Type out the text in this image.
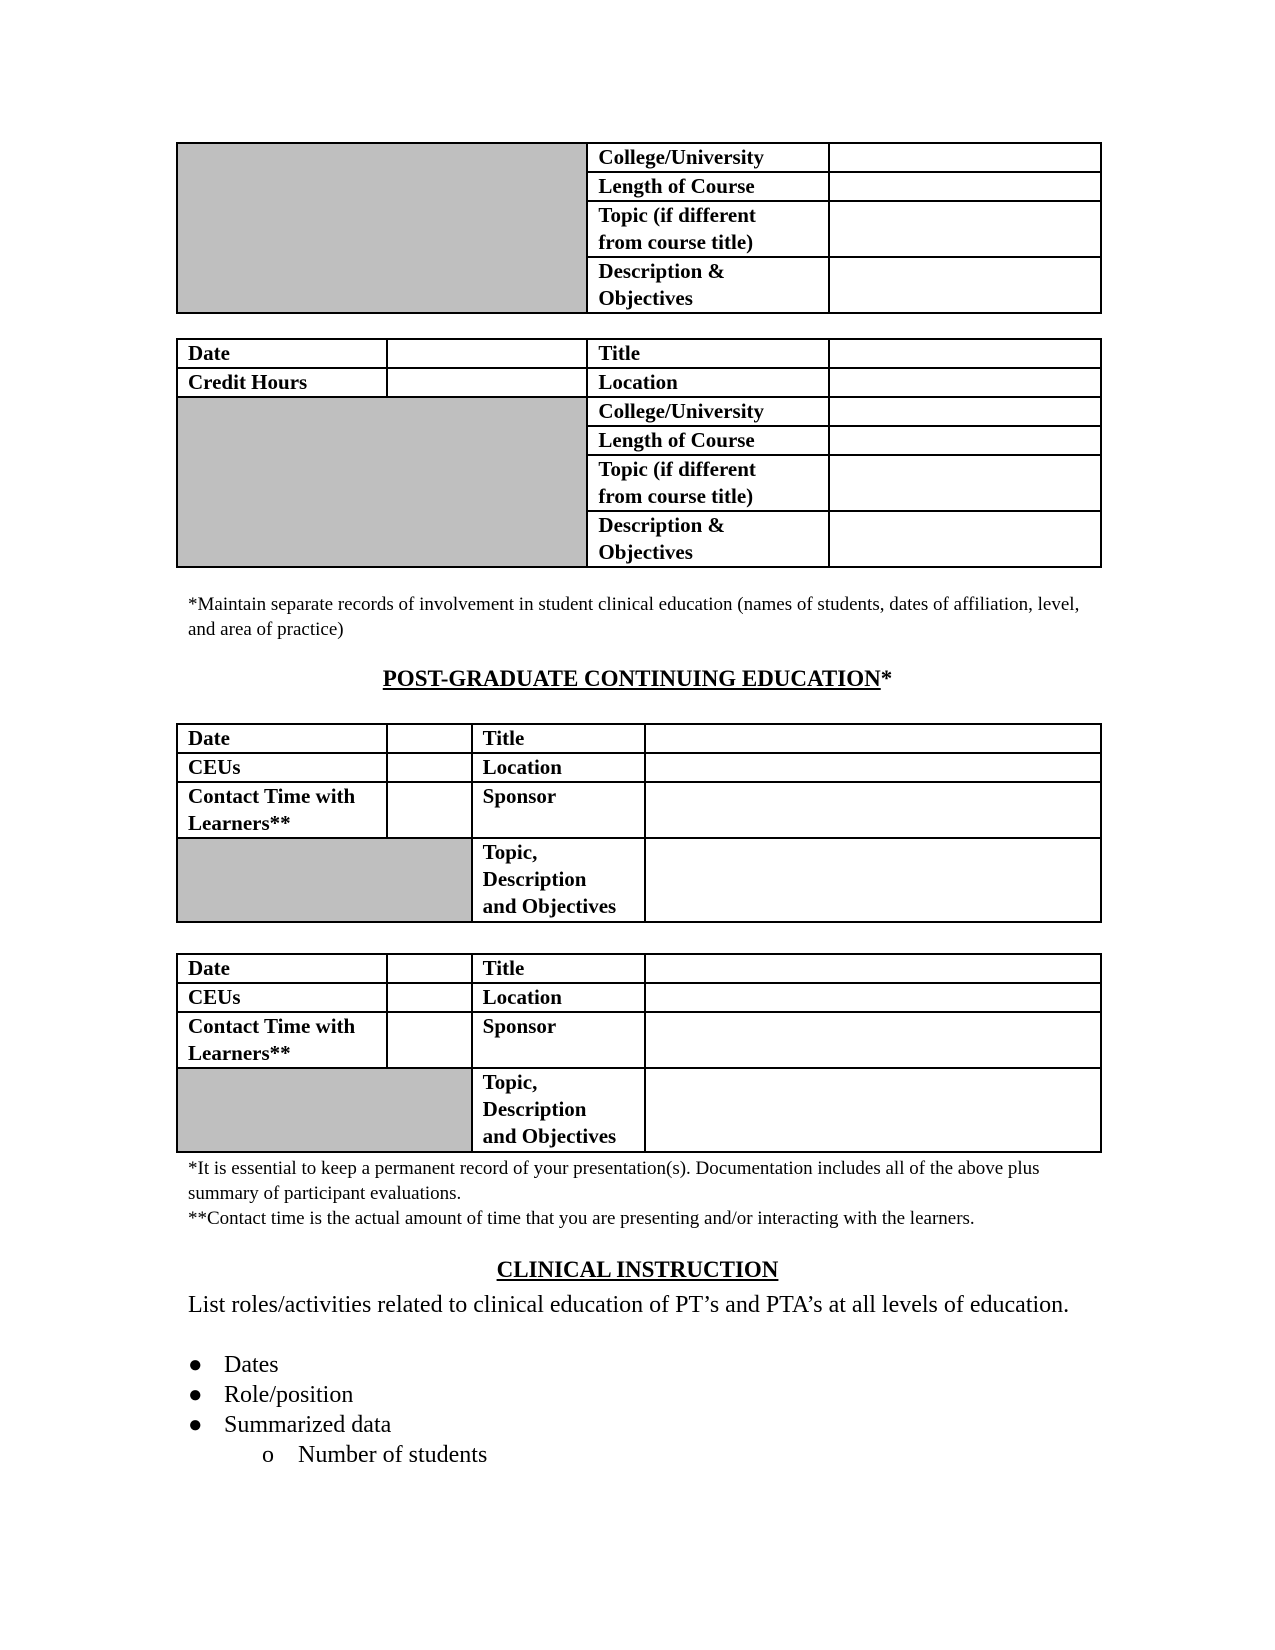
	College/University	
	Length of Course	
	Topic (if different
from course title)	
	Description &
Objectives	
Date		Title	
Credit Hours		Location	
		College/University	
		Length of Course	
		Topic (if different
from course title)	
		Description &
Objectives	
*Maintain separate records of involvement in student clinical education (names of students, dates of affiliation, level, and area of practice)
POST-GRADUATE CONTINUING EDUCATION*
Date		Title	
CEUs		Location	
Contact Time with
Learners**		Sponsor	
		Topic,
Description
and Objectives	
Date		Title	
CEUs		Location	
Contact Time with
Learners**		Sponsor	
		Topic,
Description
and Objectives	
*It is essential to keep a permanent record of your presentation(s). Documentation includes all of the above plus summary of participant evaluations.
**Contact time is the actual amount of time that you are presenting and/or interacting with the learners.
CLINICAL INSTRUCTION
List roles/activities related to clinical education of PT’s and PTA’s at all levels of education.
● Dates
● Role/position
● Summarized data
o Number of students
